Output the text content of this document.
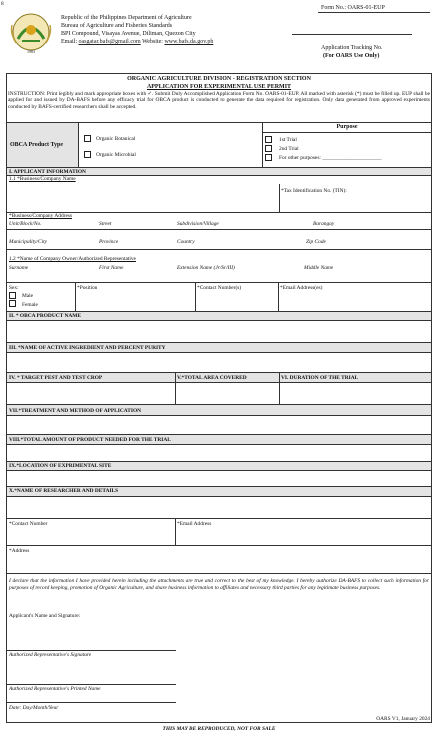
8
1983
Republic of the Philippines Department of Agriculture
Bureau of Agriculture and Fisheries Standards
BPI Compound, Visayas Avenue, Diliman, Quezon City
Email: oasgatar.bafs@gmail.com Website: www.bafs.da.gov.ph
Form No.: OARS-01-EUP
Application Tracking No.
(For OARS Use Only)
ORGANIC AGRICULTURE DIVISION - REGISTRATION SECTION
APPLICATION FOR EXPERIMENTAL USE PERMIT
INSTRUCTION: Print legibly and mark appropriate boxes with ✓. Submit Duly Accomplished Application Form No. OARS-01-EUP. All marked with asterisk (*) must be filled up. EUP shall be applied for and issued by DA-BAFS before any efficacy trial for OBCA product is conducted to generate the data required for registration. Only data generated from approved experiments conducted by BAFS-certified researchers shall be accepted.
OBCA Product Type
Organic Botanical
Organic Microbial
Purpose
1st Trial
2nd Trial
For other purposes: ______________________
I. APPLICANT INFORMATION
1.1 *Business/Company Name
*Tax Identification No. (TIN):
*Business/Company Address
Unit/Block/No.	Street	Subdivision/Village	Barangay
Municipality/City	Province	Country	Zip Code
1.2 *Name of Company Owner/Authorized Representative
Surname	First Name	Extension Name (Jr/Sr/III)	Middle Name
Sex:
Male
Female
*Position	*Contact Number(s)	*Email Address(es)
II. * OBCA PRODUCT NAME
III. *NAME OF ACTIVE INGREDIENT AND PERCENT PURITY
IV. * TARGET PEST AND TEST CROP	V.*TOTAL AREA COVERED	VI. DURATION OF THE TRIAL
VII.*TREATMENT AND METHOD OF APPLICATION
VIII.*TOTAL AMOUNT OF PRODUCT NEEDED FOR THE TRIAL
IX.*LOCATION OF EXPRIMENTAL SITE
X.*NAME OF RESEARCHER AND DETAILS
*Contact Number	*Email Address
*Address
I declare that the information I have provided herein including the attachments are true and correct to the best of my knowledge. I hereby authorize DA-BAFS to collect such information for purposes of record keeping, promotion of Organic Agriculture, and share business information to affiliates and necessary third parties for any legitimate business purposes.
Applicant's Name and Signature:
Authorized Representative's Signature
Authorized Representative's Printed Name
Date: Day/Month/Year
OARS V1, January 2024
THIS MAY BE REPRODUCED, NOT FOR SALE
